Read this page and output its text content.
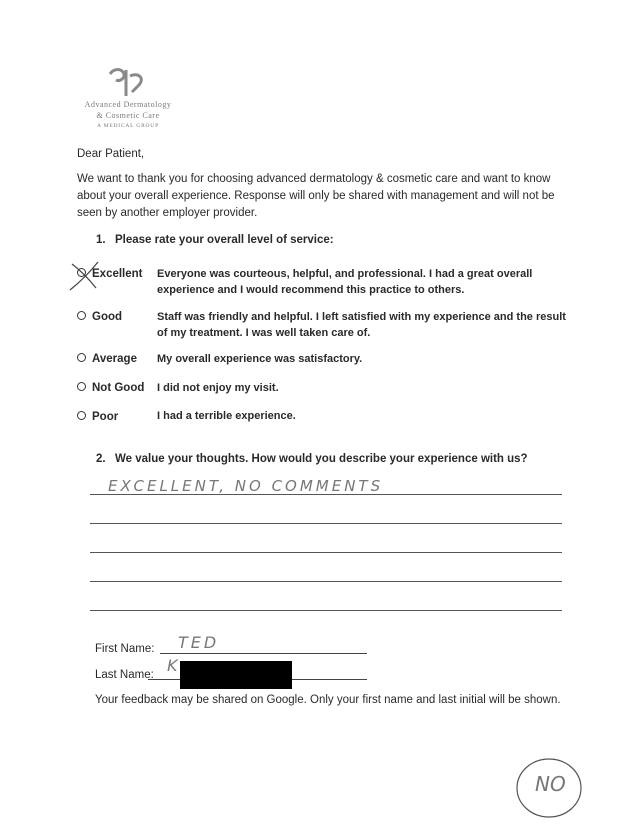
Advanced Dermatology
& Cosmetic Care
A MEDICAL GROUP
Dear Patient,
We want to thank you for choosing advanced dermatology & cosmetic care and want to know about your overall experience. Response will only be shared with management and will not be seen by another employer provider.
1. Please rate your overall level of service:
Excellent Everyone was courteous, helpful, and professional. I had a great overall experience and I would recommend this practice to others.
Good	Staff was friendly and helpful. I left satisfied with my experience and the result of my treatment. I was well taken care of.
Average My overall experience was satisfactory.
Not Good I did not enjoy my visit.
Poor	I had a terrible experience.
2. We value your thoughts. How would you describe your experience with us?
EXCELLENT, NO COMMENTS
First Name: TED
Last Name: K
Your feedback may be shared on Google. Only your first name and last initial will be shown.
NO
